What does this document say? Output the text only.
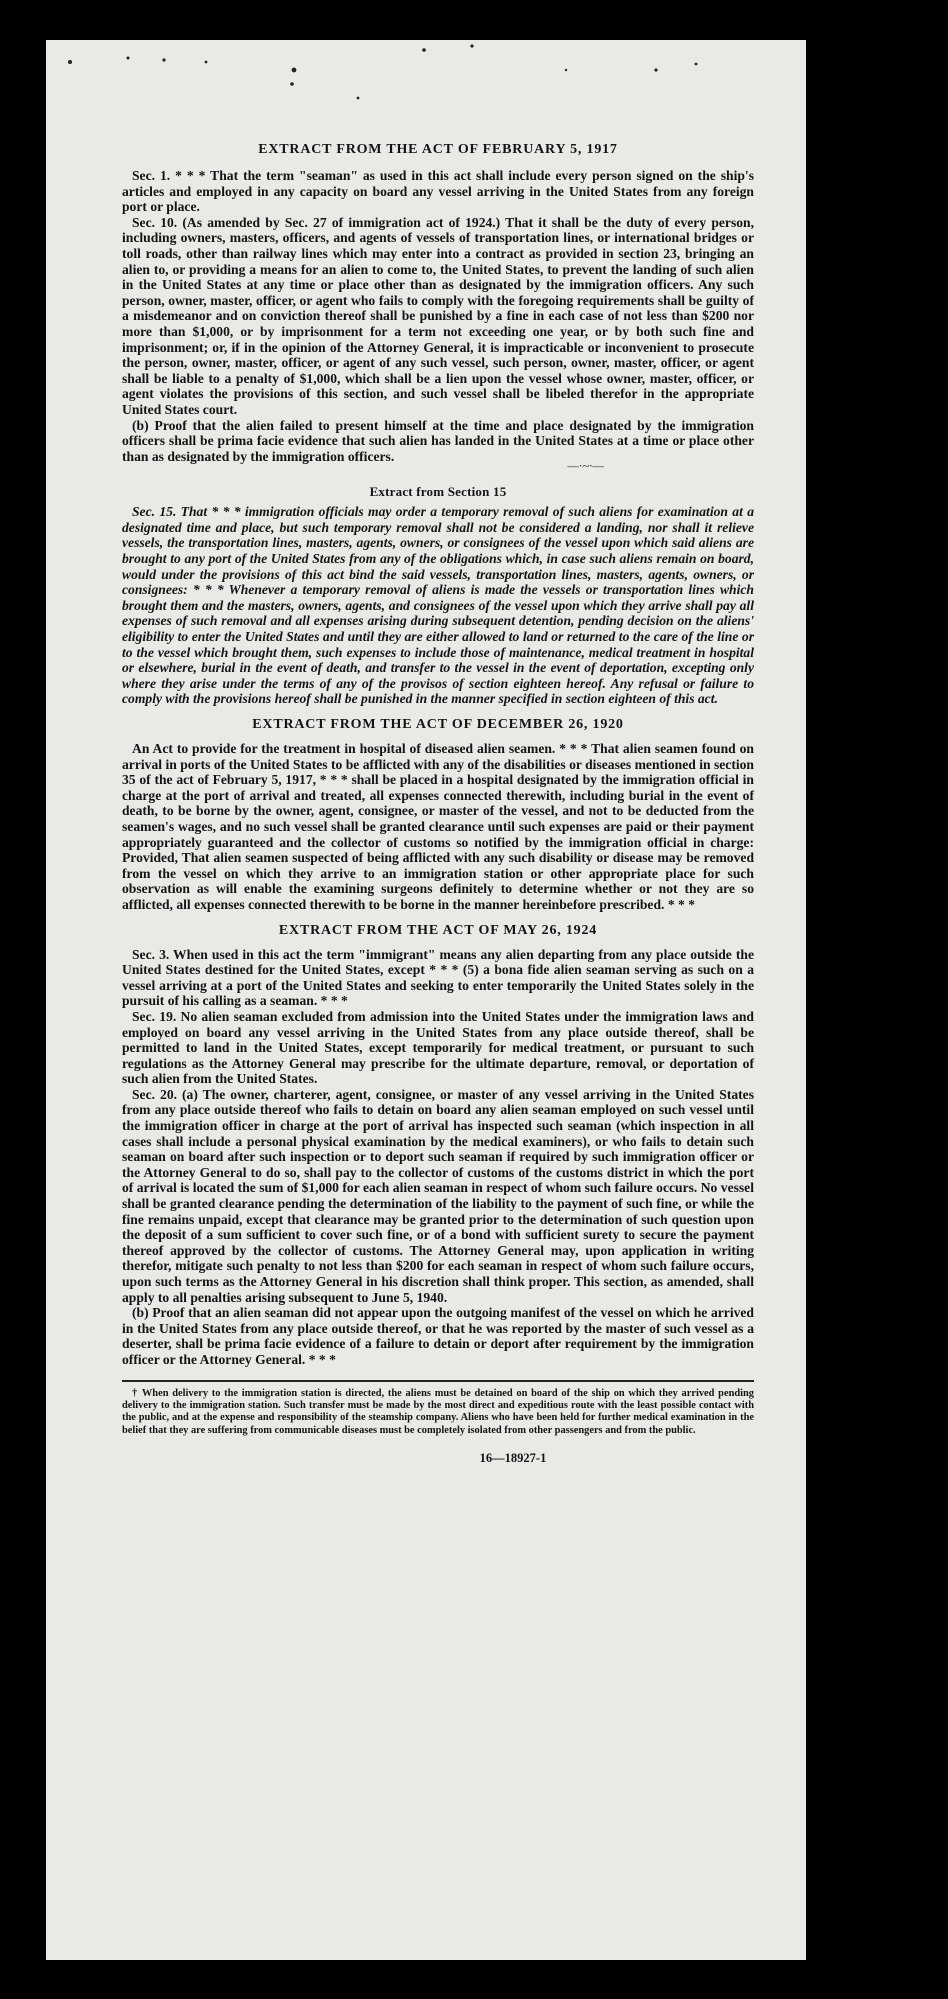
EXTRACT FROM THE ACT OF FEBRUARY 5, 1917

Sec. 1. * * * That the term "seaman" as used in this act shall include every person signed on the ship's articles and employed in any capacity on board any vessel arriving in the United States from any foreign port or place.

Sec. 10. (As amended by Sec. 27 of immigration act of 1924.) That it shall be the duty of every person, including owners, masters, officers, and agents of vessels of transportation lines, or international bridges or toll roads, other than railway lines which may enter into a contract as provided in section 23, bringing an alien to, or providing a means for an alien to come to, the United States, to prevent the landing of such alien in the United States at any time or place other than as designated by the immigration officers. Any such person, owner, master, officer, or agent who fails to comply with the foregoing requirements shall be guilty of a misdemeanor and on conviction thereof shall be punished by a fine in each case of not less than $200 nor more than $1,000, or by imprisonment for a term not exceeding one year, or by both such fine and imprisonment; or, if in the opinion of the Attorney General, it is impracticable or inconvenient to prosecute the person, owner, master, officer, or agent of any such vessel, such person, owner, master, officer, or agent shall be liable to a penalty of $1,000, which shall be a lien upon the vessel whose owner, master, officer, or agent violates the provisions of this section, and such vessel shall be libeled therefor in the appropriate United States court.

(b) Proof that the alien failed to present himself at the time and place designated by the immigration officers shall be prima facie evidence that such alien has landed in the United States at a time or place other than as designated by the immigration officers.

—·~·—
Extract from Section 15

Sec. 15. That * * * immigration officials may order a temporary removal of such aliens for examination at a designated time and place, but such temporary removal shall not be considered a landing, nor shall it relieve vessels, the transportation lines, masters, agents, owners, or consignees of the vessel upon which said aliens are brought to any port of the United States from any of the obligations which, in case such aliens remain on board, would under the provisions of this act bind the said vessels, transportation lines, masters, agents, owners, or consignees: * * * Whenever a temporary removal of aliens is made the vessels or transportation lines which brought them and the masters, owners, agents, and consignees of the vessel upon which they arrive shall pay all expenses of such removal and all expenses arising during subsequent detention, pending decision on the aliens' eligibility to enter the United States and until they are either allowed to land or returned to the care of the line or to the vessel which brought them, such expenses to include those of maintenance, medical treatment in hospital or elsewhere, burial in the event of death, and transfer to the vessel in the event of deportation, excepting only where they arise under the terms of any of the provisos of section eighteen hereof. Any refusal or failure to comply with the provisions hereof shall be punished in the manner specified in section eighteen of this act.

EXTRACT FROM THE ACT OF DECEMBER 26, 1920

An Act to provide for the treatment in hospital of diseased alien seamen. * * * That alien seamen found on arrival in ports of the United States to be afflicted with any of the disabilities or diseases mentioned in section 35 of the act of February 5, 1917, * * * shall be placed in a hospital designated by the immigration official in charge at the port of arrival and treated, all expenses connected therewith, including burial in the event of death, to be borne by the owner, agent, consignee, or master of the vessel, and not to be deducted from the seamen's wages, and no such vessel shall be granted clearance until such expenses are paid or their payment appropriately guaranteed and the collector of customs so notified by the immigration official in charge: Provided, That alien seamen suspected of being afflicted with any such disability or disease may be removed from the vessel on which they arrive to an immigration station or other appropriate place for such observation as will enable the examining surgeons definitely to determine whether or not they are so afflicted, all expenses connected therewith to be borne in the manner hereinbefore prescribed. * * *

EXTRACT FROM THE ACT OF MAY 26, 1924

Sec. 3. When used in this act the term "immigrant" means any alien departing from any place outside the United States destined for the United States, except * * * (5) a bona fide alien seaman serving as such on a vessel arriving at a port of the United States and seeking to enter temporarily the United States solely in the pursuit of his calling as a seaman. * * *

Sec. 19. No alien seaman excluded from admission into the United States under the immigration laws and employed on board any vessel arriving in the United States from any place outside thereof, shall be permitted to land in the United States, except temporarily for medical treatment, or pursuant to such regulations as the Attorney General may prescribe for the ultimate departure, removal, or deportation of such alien from the United States.

Sec. 20. (a) The owner, charterer, agent, consignee, or master of any vessel arriving in the United States from any place outside thereof who fails to detain on board any alien seaman employed on such vessel until the immigration officer in charge at the port of arrival has inspected such seaman (which inspection in all cases shall include a personal physical examination by the medical examiners), or who fails to detain such seaman on board after such inspection or to deport such seaman if required by such immigration officer or the Attorney General to do so, shall pay to the collector of customs of the customs district in which the port of arrival is located the sum of $1,000 for each alien seaman in respect of whom such failure occurs. No vessel shall be granted clearance pending the determination of the liability to the payment of such fine, or while the fine remains unpaid, except that clearance may be granted prior to the determination of such question upon the deposit of a sum sufficient to cover such fine, or of a bond with sufficient surety to secure the payment thereof approved by the collector of customs. The Attorney General may, upon application in writing therefor, mitigate such penalty to not less than $200 for each seaman in respect of whom such failure occurs, upon such terms as the Attorney General in his discretion shall think proper. This section, as amended, shall apply to all penalties arising subsequent to June 5, 1940.

(b) Proof that an alien seaman did not appear upon the outgoing manifest of the vessel on which he arrived in the United States from any place outside thereof, or that he was reported by the master of such vessel as a deserter, shall be prima facie evidence of a failure to detain or deport after requirement by the immigration officer or the Attorney General. * * *

† When delivery to the immigration station is directed, the aliens must be detained on board of the ship on which they arrived pending delivery to the immigration station. Such transfer must be made by the most direct and expeditious route with the least possible contact with the public, and at the expense and responsibility of the steamship company. Aliens who have been held for further medical examination in the belief that they are suffering from communicable diseases must be completely isolated from other passengers and from the public.

16—18927-1
